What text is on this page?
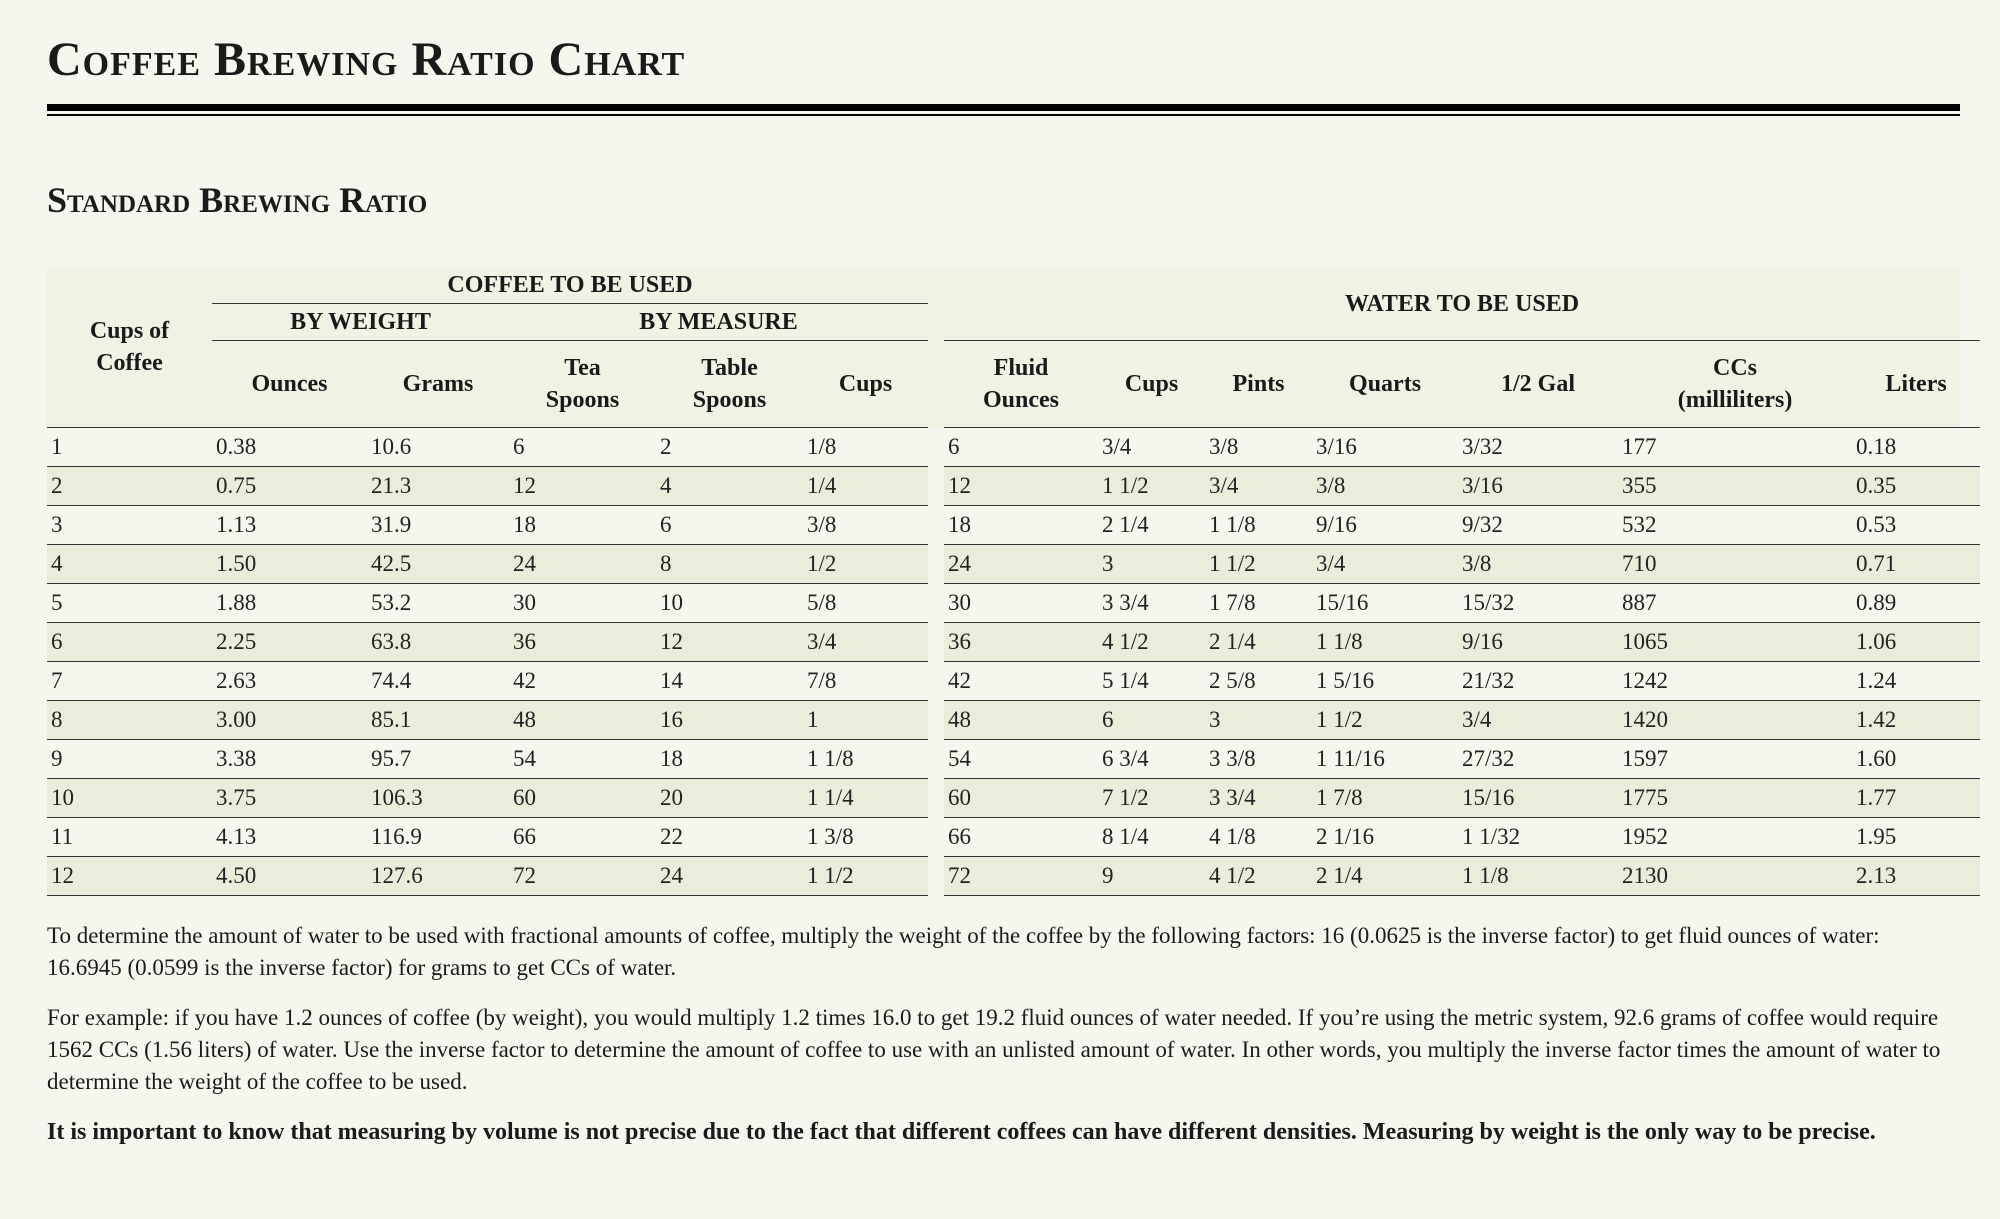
Coffee Brewing Ratio Chart
Standard Brewing Ratio
Cups of Coffee	COFFEE TO BE USED						WATER TO BE USED						
	BY WEIGHT		BY MEASURE										
	Ounces	Grams	Tea Spoons	Table Spoons	Cups		Fluid Ounces	Cups	Pints	Quarts	1/2 Gal	CCs (milliliters)	Liters
1	0.38	10.6	6	2	1/8		6	3/4	3/8	3/16	3/32	177	0.18
2	0.75	21.3	12	4	1/4		12	1 1/2	3/4	3/8	3/16	355	0.35
3	1.13	31.9	18	6	3/8		18	2 1/4	1 1/8	9/16	9/32	532	0.53
4	1.50	42.5	24	8	1/2		24	3	1 1/2	3/4	3/8	710	0.71
5	1.88	53.2	30	10	5/8		30	3 3/4	1 7/8	15/16	15/32	887	0.89
6	2.25	63.8	36	12	3/4		36	4 1/2	2 1/4	1 1/8	9/16	1065	1.06
7	2.63	74.4	42	14	7/8		42	5 1/4	2 5/8	1 5/16	21/32	1242	1.24
8	3.00	85.1	48	16	1		48	6	3	1 1/2	3/4	1420	1.42
9	3.38	95.7	54	18	1 1/8		54	6 3/4	3 3/8	1 11/16	27/32	1597	1.60
10	3.75	106.3	60	20	1 1/4		60	7 1/2	3 3/4	1 7/8	15/16	1775	1.77
11	4.13	116.9	66	22	1 3/8		66	8 1/4	4 1/8	2 1/16	1 1/32	1952	1.95
12	4.50	127.6	72	24	1 1/2		72	9	4 1/2	2 1/4	1 1/8	2130	2.13

To determine the amount of water to be used with fractional amounts of coffee, multiply the weight of the coffee by the following factors: 16 (0.0625 is the inverse factor) to get fluid ounces of water: 16.6945 (0.0599 is the inverse factor) for grams to get CCs of water.

For example: if you have 1.2 ounces of coffee (by weight), you would multiply 1.2 times 16.0 to get 19.2 fluid ounces of water needed. If you’re using the metric system, 92.6 grams of coffee would require 1562 CCs (1.56 liters) of water. Use the inverse factor to determine the amount of coffee to use with an unlisted amount of water. In other words, you multiply the inverse factor times the amount of water to determine the weight of the coffee to be used.

It is important to know that measuring by volume is not precise due to the fact that different coffees can have different densities. Measuring by weight is the only way to be precise.
